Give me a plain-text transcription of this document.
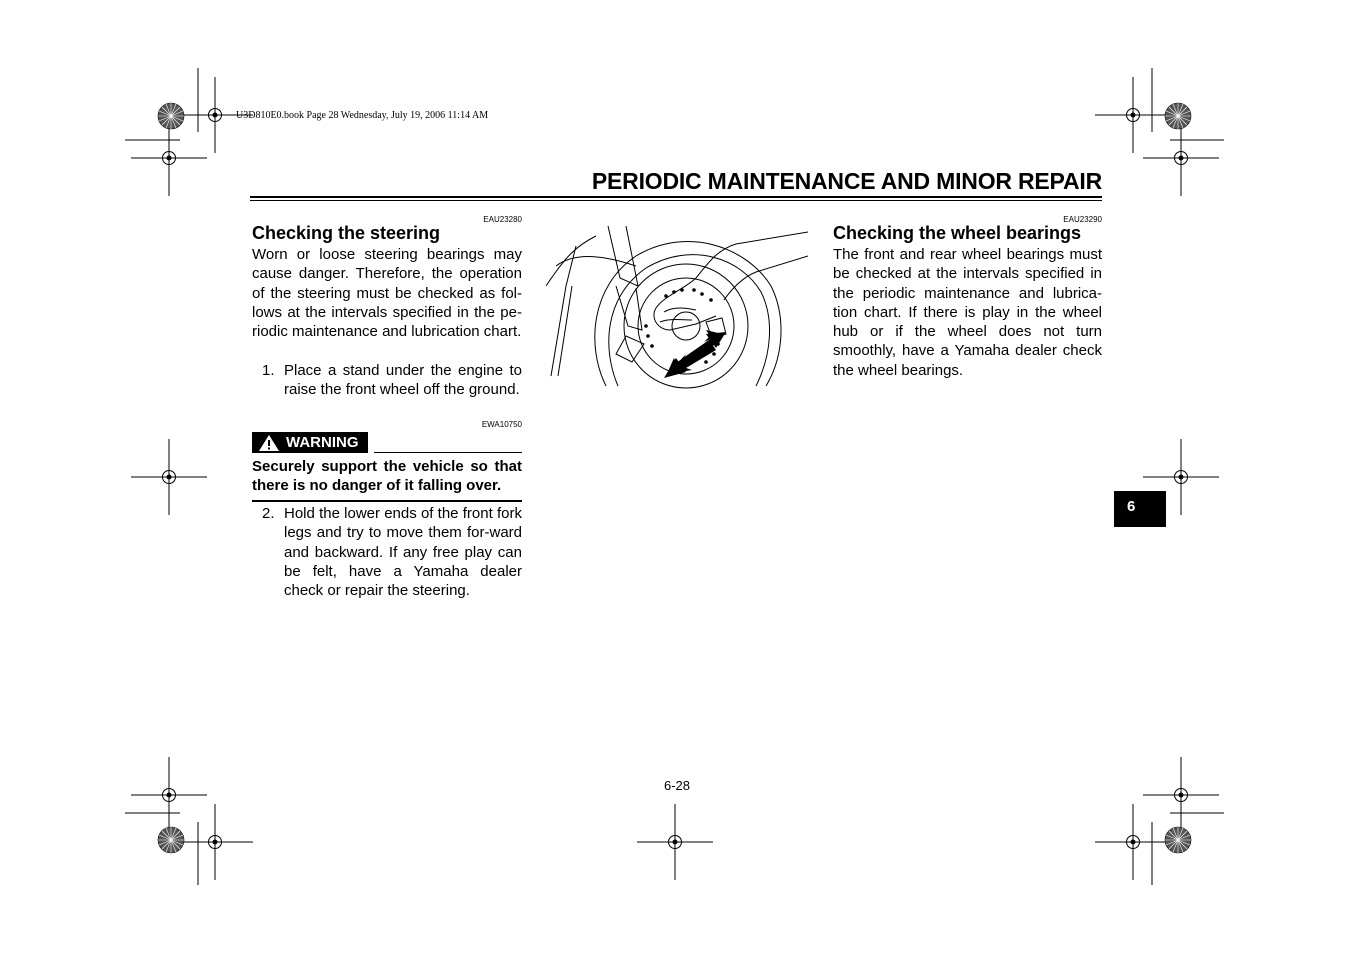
U3D810E0.book Page 28 Wednesday, July 19, 2006 11:14 AM
PERIODIC MAINTENANCE AND MINOR REPAIR
EAU23280
Checking the steering
Worn or loose steering bearings may cause danger. Therefore, the operation of the steering must be checked as fol-lows at the intervals specified in the pe-riodic maintenance and lubrication chart.
1. Place a stand under the engine to raise the front wheel off the ground.
EWA10750
WARNING
Securely support the vehicle so that there is no danger of it falling over.
2. Hold the lower ends of the front fork legs and try to move them for-ward and backward. If any free play can be felt, have a Yamaha dealer check or repair the steering.
EAU23290
Checking the wheel bearings
The front and rear wheel bearings must be checked at the intervals specified in the periodic maintenance and lubrica-tion chart. If there is play in the wheel hub or if the wheel does not turn smoothly, have a Yamaha dealer check the wheel bearings.
6
6-28
